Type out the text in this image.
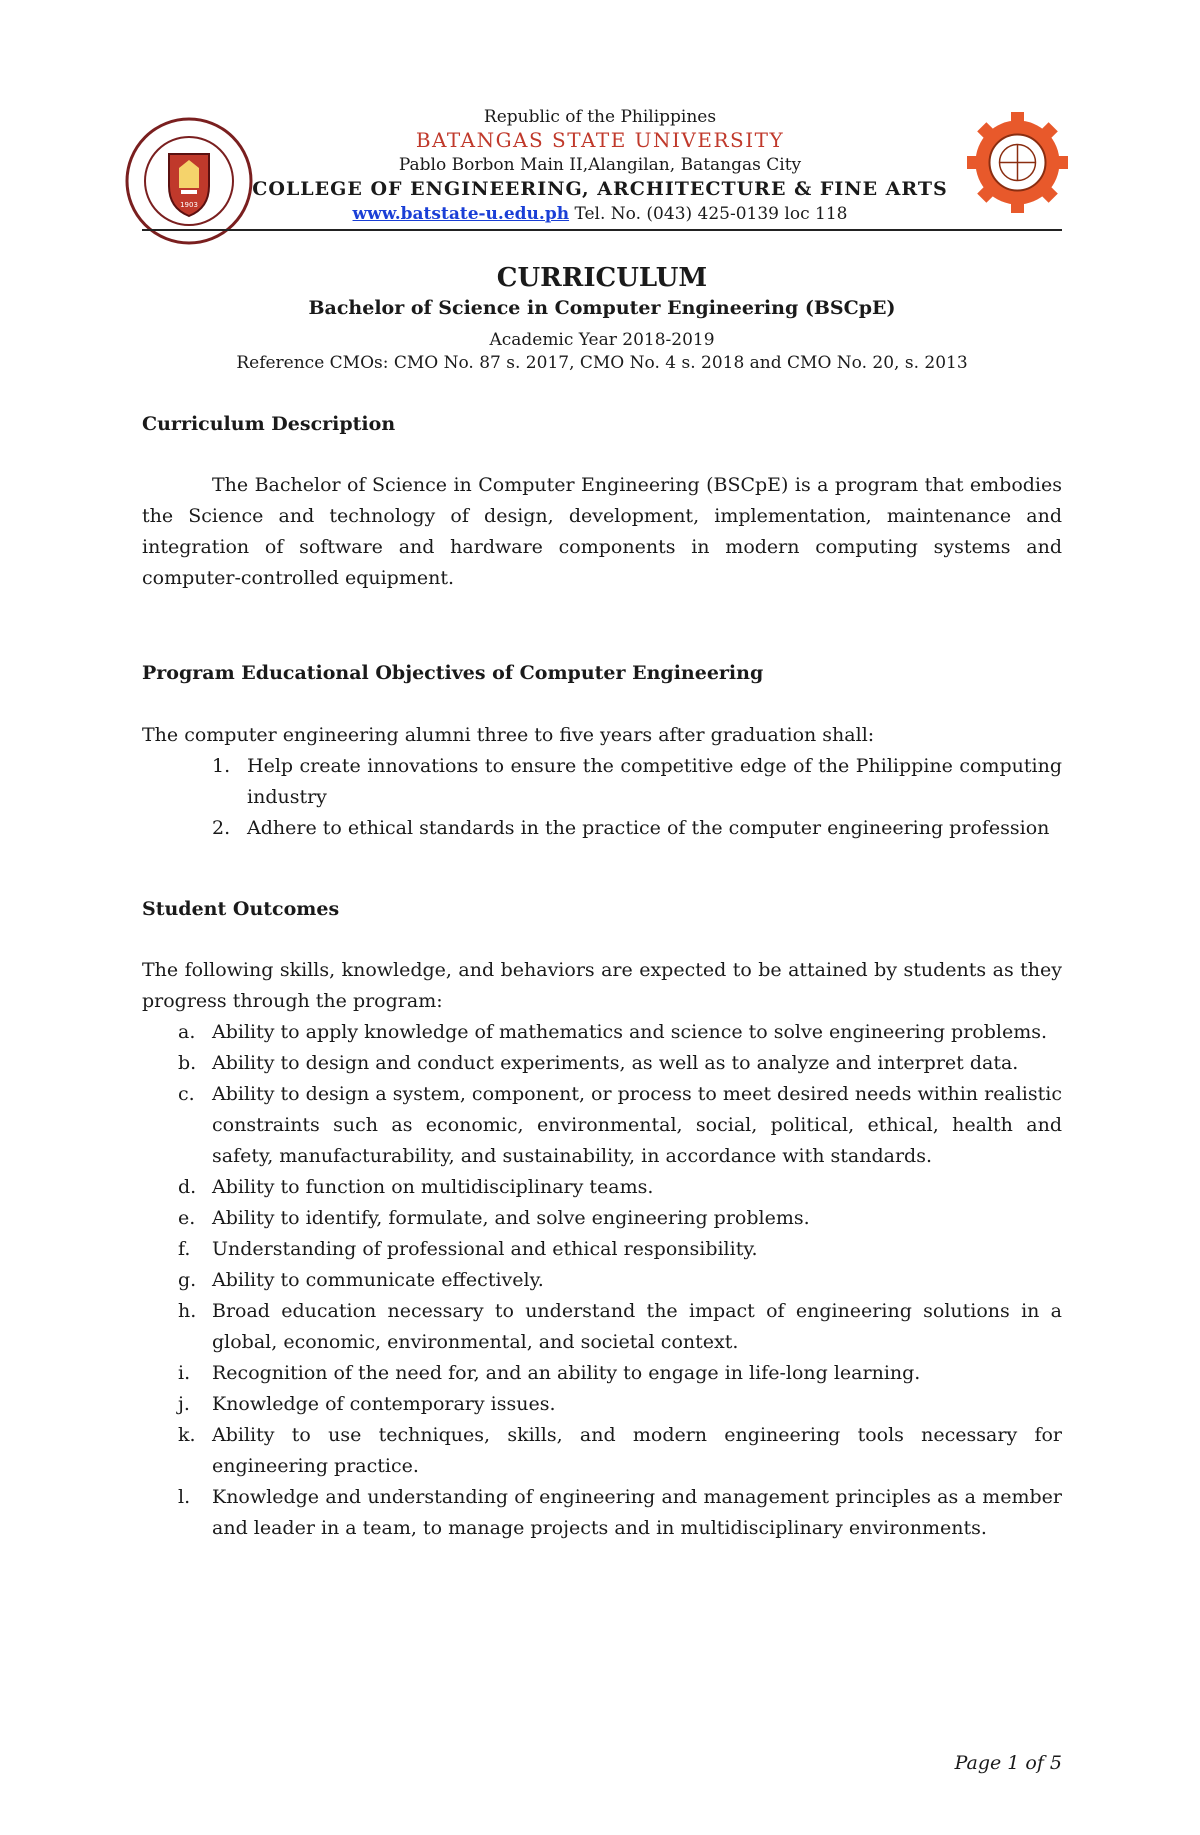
1903
Republic of the Philippines
BATANGAS STATE UNIVERSITY
Pablo Borbon Main II,Alangilan, Batangas City
COLLEGE OF ENGINEERING, ARCHITECTURE & FINE ARTS
www.batstate-u.edu.ph Tel. No. (043) 425-0139 loc 118
CURRICULUM
Bachelor of Science in Computer Engineering (BSCpE)
Academic Year 2018-2019
Reference CMOs: CMO No. 87 s. 2017, CMO No. 4 s. 2018 and CMO No. 20, s. 2013
Curriculum Description
The Bachelor of Science in Computer Engineering (BSCpE) is a program that embodies the Science and technology of design, development, implementation, maintenance and integration of software and hardware components in modern computing systems and computer-controlled equipment.
Program Educational Objectives of Computer Engineering
The computer engineering alumni three to five years after graduation shall:
1. Help create innovations to ensure the competitive edge of the Philippine computing industry
2. Adhere to ethical standards in the practice of the computer engineering profession
Student Outcomes
The following skills, knowledge, and behaviors are expected to be attained by students as they progress through the program:
a. Ability to apply knowledge of mathematics and science to solve engineering problems.
b. Ability to design and conduct experiments, as well as to analyze and interpret data.
c. Ability to design a system, component, or process to meet desired needs within realistic constraints such as economic, environmental, social, political, ethical, health and safety, manufacturability, and sustainability, in accordance with standards.
d. Ability to function on multidisciplinary teams.
e. Ability to identify, formulate, and solve engineering problems.
f. Understanding of professional and ethical responsibility.
g. Ability to communicate effectively.
h. Broad education necessary to understand the impact of engineering solutions in a global, economic, environmental, and societal context.
i. Recognition of the need for, and an ability to engage in life-long learning.
j. Knowledge of contemporary issues.
k. Ability to use techniques, skills, and modern engineering tools necessary for engineering practice.
l. Knowledge and understanding of engineering and management principles as a member and leader in a team, to manage projects and in multidisciplinary environments.
Page 1 of 5
